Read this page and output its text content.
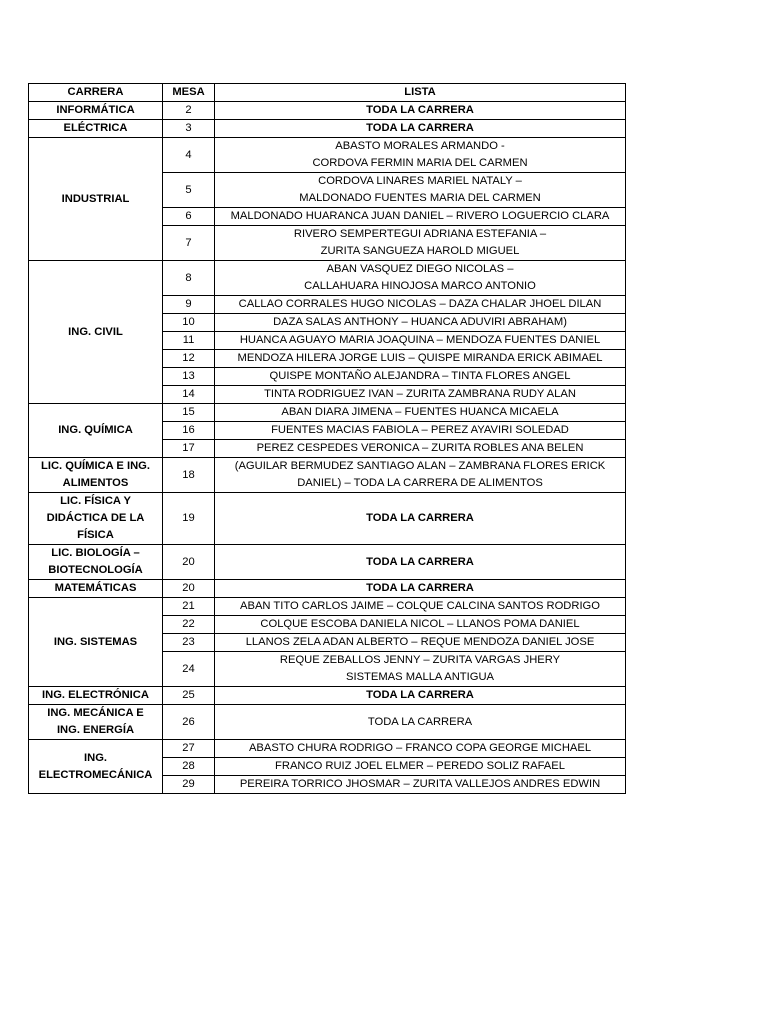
CARRERA	MESA	LISTA
INFORMÁTICA	2	TODA LA CARRERA

ELÉCTRICA	3	TODA LA CARRERA

INDUSTRIAL	4	ABASTO MORALES ARMANDO -
CORDOVA FERMIN MARIA DEL CARMEN

	5	CORDOVA LINARES MARIEL NATALY –
MALDONADO FUENTES MARIA DEL CARMEN

	6	MALDONADO HUARANCA JUAN DANIEL – RIVERO LOGUERCIO CLARA

	7	RIVERO SEMPERTEGUI ADRIANA ESTEFANIA –
ZURITA SANGUEZA HAROLD MIGUEL

ING. CIVIL	8	ABAN VASQUEZ DIEGO NICOLAS –
CALLAHUARA HINOJOSA MARCO ANTONIO

	9	CALLAO CORRALES HUGO NICOLAS – DAZA CHALAR JHOEL DILAN

	10	DAZA SALAS ANTHONY – HUANCA ADUVIRI ABRAHAM)

	11	HUANCA AGUAYO MARIA JOAQUINA – MENDOZA FUENTES DANIEL

	12	MENDOZA HILERA JORGE LUIS – QUISPE MIRANDA ERICK ABIMAEL

	13	QUISPE MONTAÑO ALEJANDRA – TINTA FLORES ANGEL

	14	TINTA RODRIGUEZ IVAN – ZURITA ZAMBRANA RUDY ALAN

ING. QUÍMICA	15	ABAN DIARA JIMENA – FUENTES HUANCA MICAELA

	16	FUENTES MACIAS FABIOLA – PEREZ AYAVIRI SOLEDAD

	17	PEREZ CESPEDES VERONICA – ZURITA ROBLES ANA BELEN

LIC. QUÍMICA E ING.
ALIMENTOS	18	(AGUILAR BERMUDEZ SANTIAGO ALAN – ZAMBRANA FLORES ERICK
DANIEL) – TODA LA CARRERA DE ALIMENTOS

LIC. FÍSICA Y
DIDÁCTICA DE LA
FÍSICA	19	TODA LA CARRERA

LIC. BIOLOGÍA –
BIOTECNOLOGÍA	20	TODA LA CARRERA

MATEMÁTICAS	20	TODA LA CARRERA

ING. SISTEMAS	21	ABAN TITO CARLOS JAIME – COLQUE CALCINA SANTOS RODRIGO

	22	COLQUE ESCOBA DANIELA NICOL – LLANOS POMA DANIEL

	23	LLANOS ZELA ADAN ALBERTO – REQUE MENDOZA DANIEL JOSE

	24	REQUE ZEBALLOS JENNY – ZURITA VARGAS JHERY
SISTEMAS MALLA ANTIGUA

ING. ELECTRÓNICA	25	TODA LA CARRERA

ING. MECÁNICA E
ING. ENERGÍA	26	TODA LA CARRERA

ING.
ELECTROMECÁNICA	27	ABASTO CHURA RODRIGO – FRANCO COPA GEORGE MICHAEL

	28	FRANCO RUIZ JOEL ELMER – PEREDO SOLIZ RAFAEL

	29	PEREIRA TORRICO JHOSMAR – ZURITA VALLEJOS ANDRES EDWIN
